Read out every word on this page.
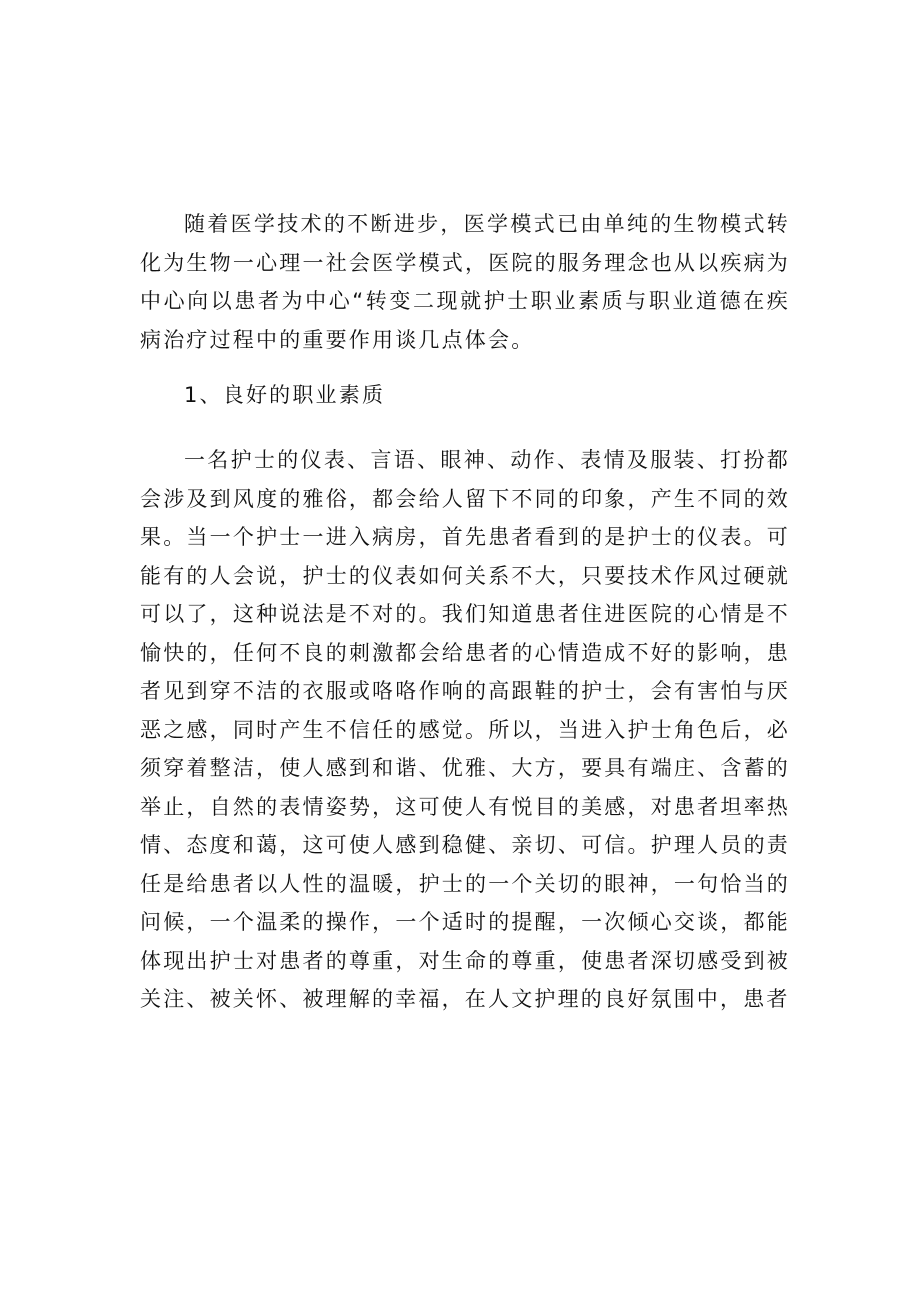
随着医学技术的不断进步，医学模式已由单纯的生物模式转化为生物一心理一社会医学模式，医院的服务理念也从以疾病为中心向以患者为中心“转变二现就护士职业素质与职业道德在疾病治疗过程中的重要作用谈几点体会。

1、良好的职业素质

一名护士的仪表、言语、眼神、动作、表情及服装、打扮都会涉及到风度的雅俗，都会给人留下不同的印象，产生不同的效果。当一个护士一进入病房，首先患者看到的是护士的仪表。可能有的人会说，护士的仪表如何关系不大，只要技术作风过硬就可以了，这种说法是不对的。我们知道患者住进医院的心情是不愉快的，任何不良的刺激都会给患者的心情造成不好的影响，患者见到穿不洁的衣服或咯咯作响的高跟鞋的护士，会有害怕与厌恶之感，同时产生不信任的感觉。所以，当进入护士角色后，必须穿着整洁，使人感到和谐、优雅、大方，要具有端庄、含蓄的举止，自然的表情姿势，这可使人有悦目的美感，对患者坦率热情、态度和蔼，这可使人感到稳健、亲切、可信。护理人员的责任是给患者以人性的温暖，护士的一个关切的眼神，一句恰当的问候，一个温柔的操作，一个适时的提醒，一次倾心交谈，都能体现出护士对患者的尊重，对生命的尊重，使患者深切感受到被关注、被关怀、被理解的幸福，在人文护理的良好氛围中，患者
